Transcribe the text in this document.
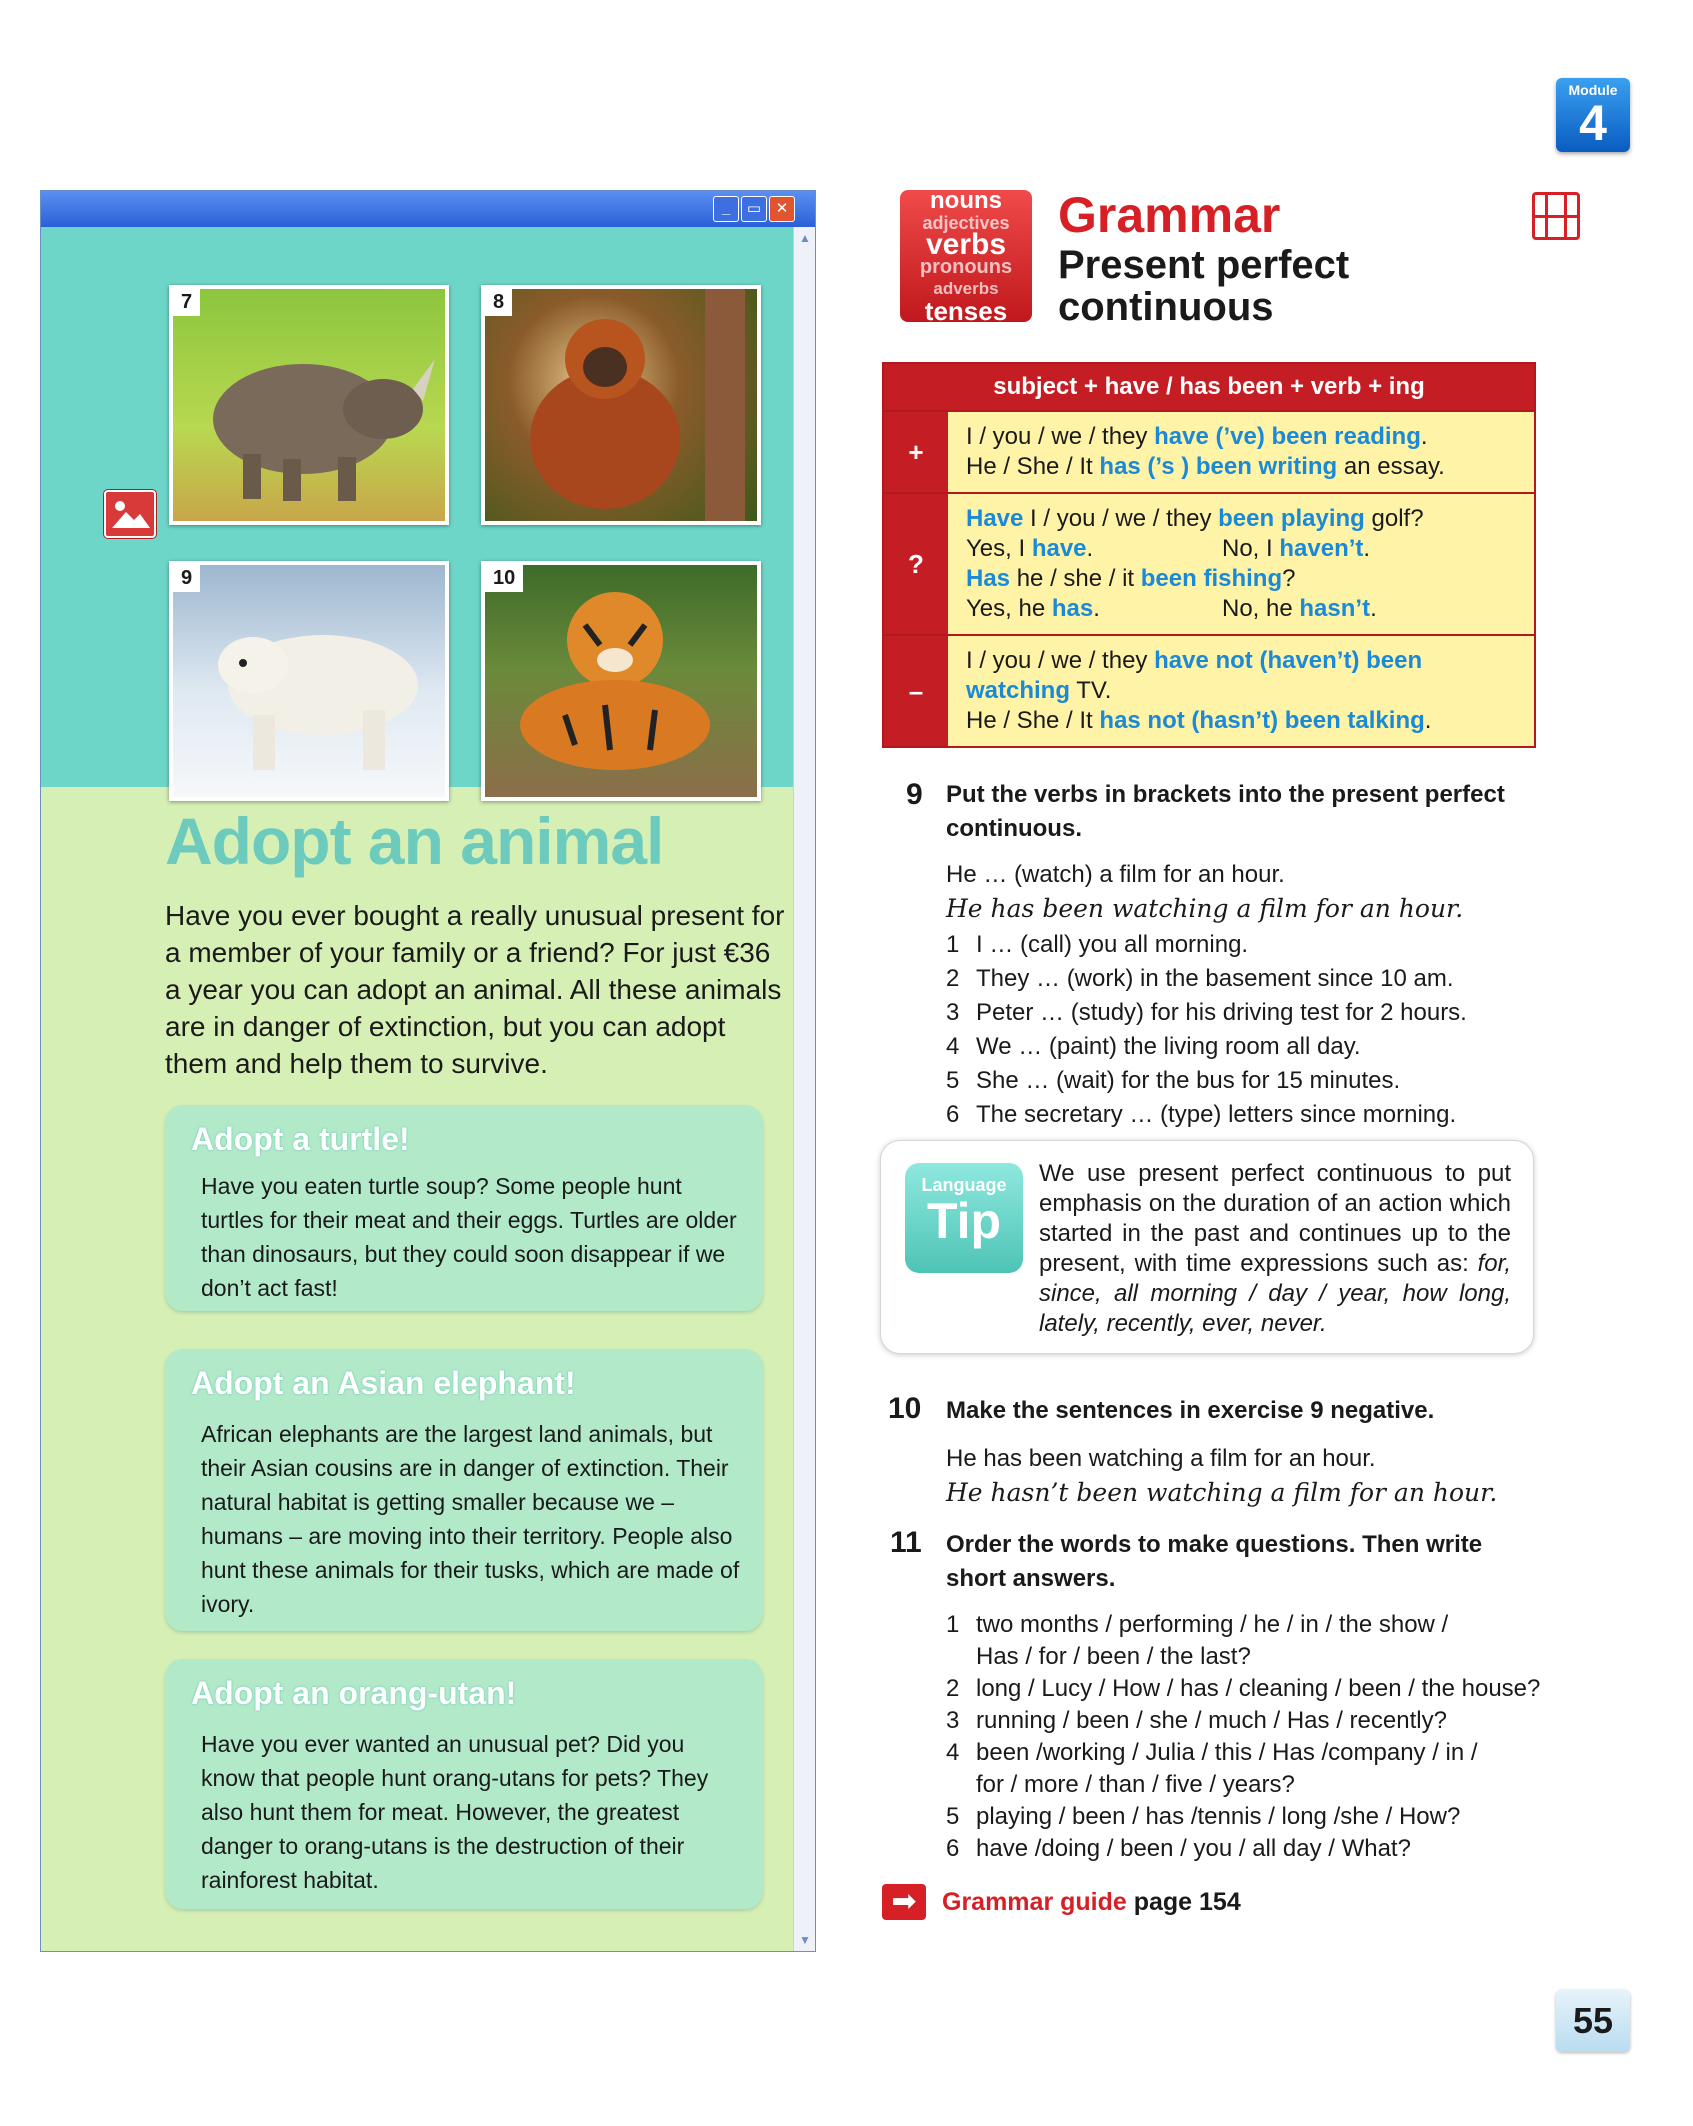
Module
4
_	▭ ✕
▲
▼
7	8
9	10
Adopt an animal
Have you ever bought a really unusual present for a member of your family or a friend? For just €36 a year you can adopt an animal. All these animals are in danger of extinction, but you can adopt them and help them to survive.
Adopt a turtle!

Have you eaten turtle soup? Some people hunt turtles for their meat and their eggs. Turtles are older than dinosaurs, but they could soon disappear if we don’t act fast!

Adopt an Asian elephant!

African elephants are the largest land animals, but their Asian cousins are in danger of extinction. Their natural habitat is getting smaller because we – humans – are moving into their territory. People also hunt these animals for their tusks, which are made of ivory.

Adopt an orang-utan!

Have you ever wanted an unusual pet? Did you know that people hunt orang-utans for pets? They also hunt them for meat. However, the greatest danger to orang-utans is the destruction of their rainforest habitat.

nouns
adjectives
verbs
pronouns
adverbs
tenses
Grammar
Present perfect continuous
subject + have / has been + verb + ing
+	I / you / we / they have (’ve) been reading.
He / She / It has (’s ) been writing an essay.
?
Have I / you / we / they been playing golf?
Yes, I have.	No, I haven’t.
Has he / she / it been fishing?
Yes, he has.	No, he hasn’t.
–
I / you / we / they have not (haven’t) been watching TV.
He / She / It has not (hasn’t) been talking.
9 Put the verbs in brackets into the present perfect continuous.
He … (watch) a film for an hour.
He has been watching a film for an hour.
1 I … (call) you all morning.
2 They … (work) in the basement since 10 am.
3 Peter … (study) for his driving test for 2 hours.
4 We … (paint) the living room all day.
5 She … (wait) for the bus for 15 minutes.
6 The secretary … (type) letters since morning.
Language
Tip
We use present perfect continuous to put emphasis on the duration of an action which started in the past and continues up to the present, with time expressions such as: for, since, all morning / day / year, how long, lately, recently, ever, never.
10 Make the sentences in exercise 9 negative.
He has been watching a film for an hour.
He hasn’t been watching a film for an hour.
11 Order the words to make questions. Then write short answers.
1 two months / performing / he / in / the show /
Has / for / been / the last?
2 long / Lucy / How / has / cleaning / been / the house?
3 running / been / she / much / Has / recently?
4 been /working / Julia / this / Has /company / in /
for / more / than / five / years?
5 playing / been / has /tennis / long /she / How?
6 have /doing / been / you / all day / What?
➡	Grammar guide page 154
55
